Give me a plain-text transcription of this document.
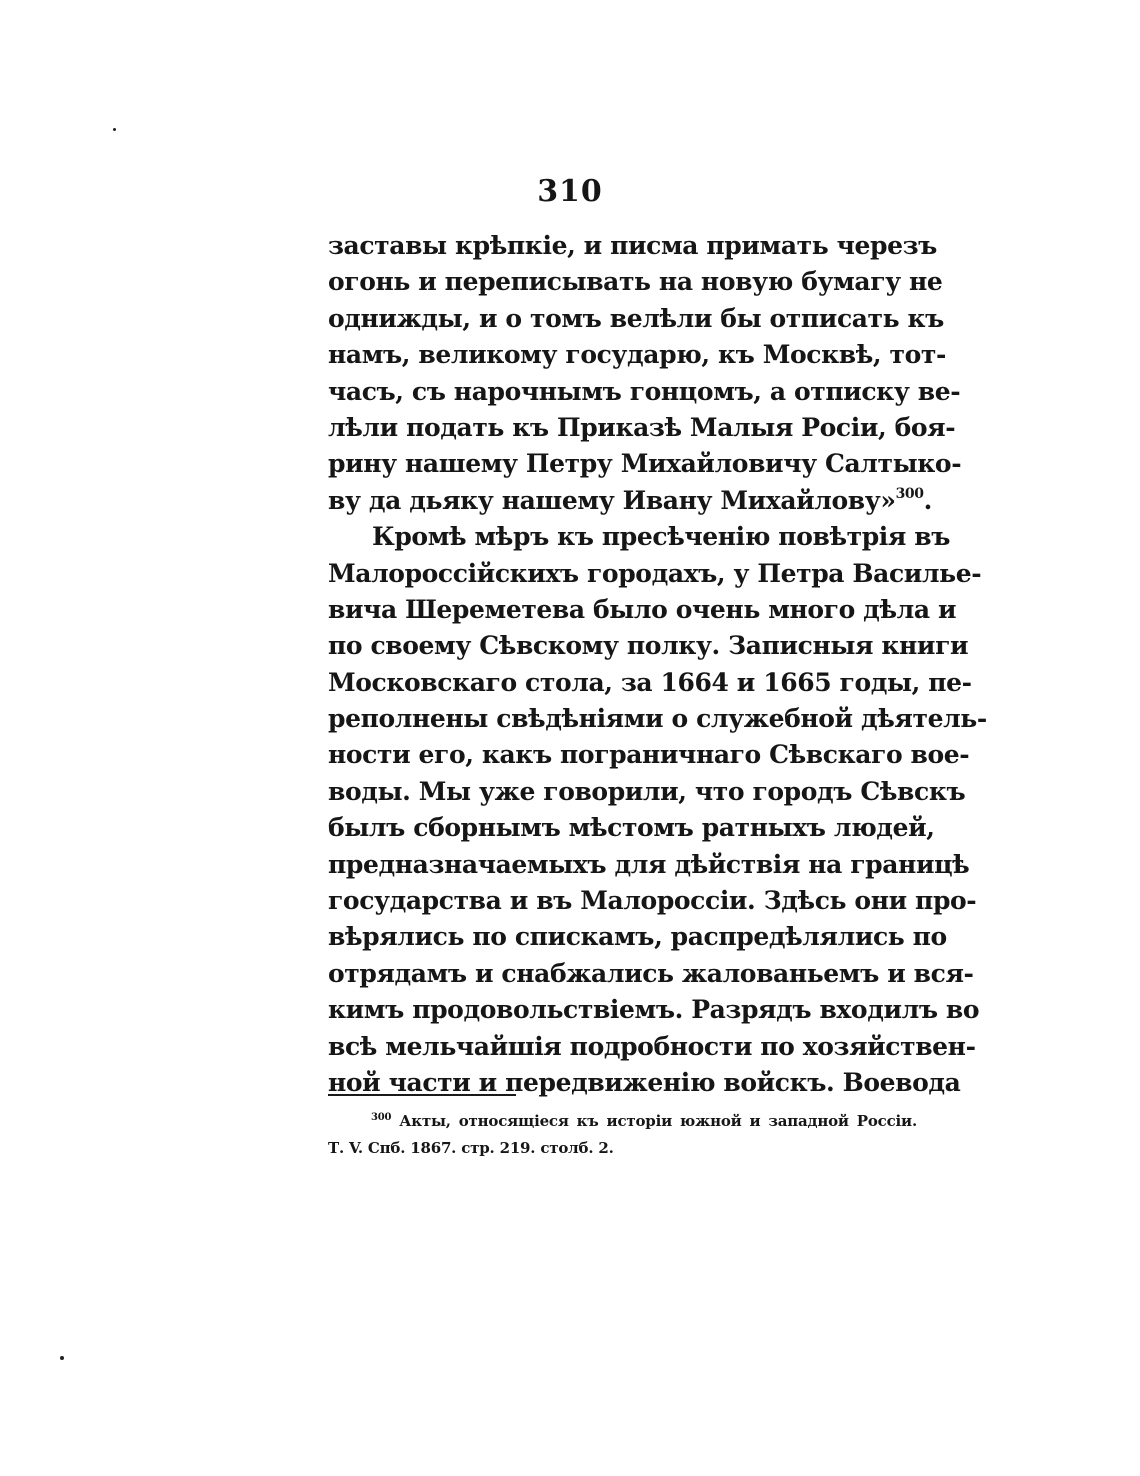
310
заставы крѣпкіе, и писма примать черезъ
огонь и переписывать на новую бумагу не
однижды, и о томъ велѣли бы отписать къ
намъ, великому государю, къ Москвѣ, тот-
часъ, съ нарочнымъ гонцомъ, а отписку ве-
лѣли подать къ Приказѣ Малыя Росіи, боя-
рину нашему Петру Михайловичу Салтыко-
ву да дьяку нашему Ивану Михайлову»$^{300}$.
Кромѣ мѣръ къ пресѣченію повѣтрія въ
Малороссійскихъ городахъ, у Петра Василье-
вича Шереметева было очень много дѣла и
по своему Сѣвскому полку. Записныя книги
Московскаго стола, за 1664 и 1665 годы, пе-
реполнены свѣдѣніями о служебной дѣятель-
ности его, какъ пограничнаго Сѣвскаго вое-
воды. Мы уже говорили, что городъ Сѣвскъ
былъ сборнымъ мѣстомъ ратныхъ людей,
предназначаемыхъ для дѣйствія на границѣ
государства и въ Малороссіи. Здѣсь они про-
вѣрялись по спискамъ, распредѣлялись по
отрядамъ и снабжались жалованьемъ и вся-
кимъ продовольствіемъ. Разрядъ входилъ во
всѣ мельчайшія подробности по хозяйствен-
ной части и передвиженію войскъ. Воевода
$^{300}$ Акты, относящіеся къ исторіи южной и западной Россіи.
Т. V. Спб. 1867. стр. 219. столб. 2.
